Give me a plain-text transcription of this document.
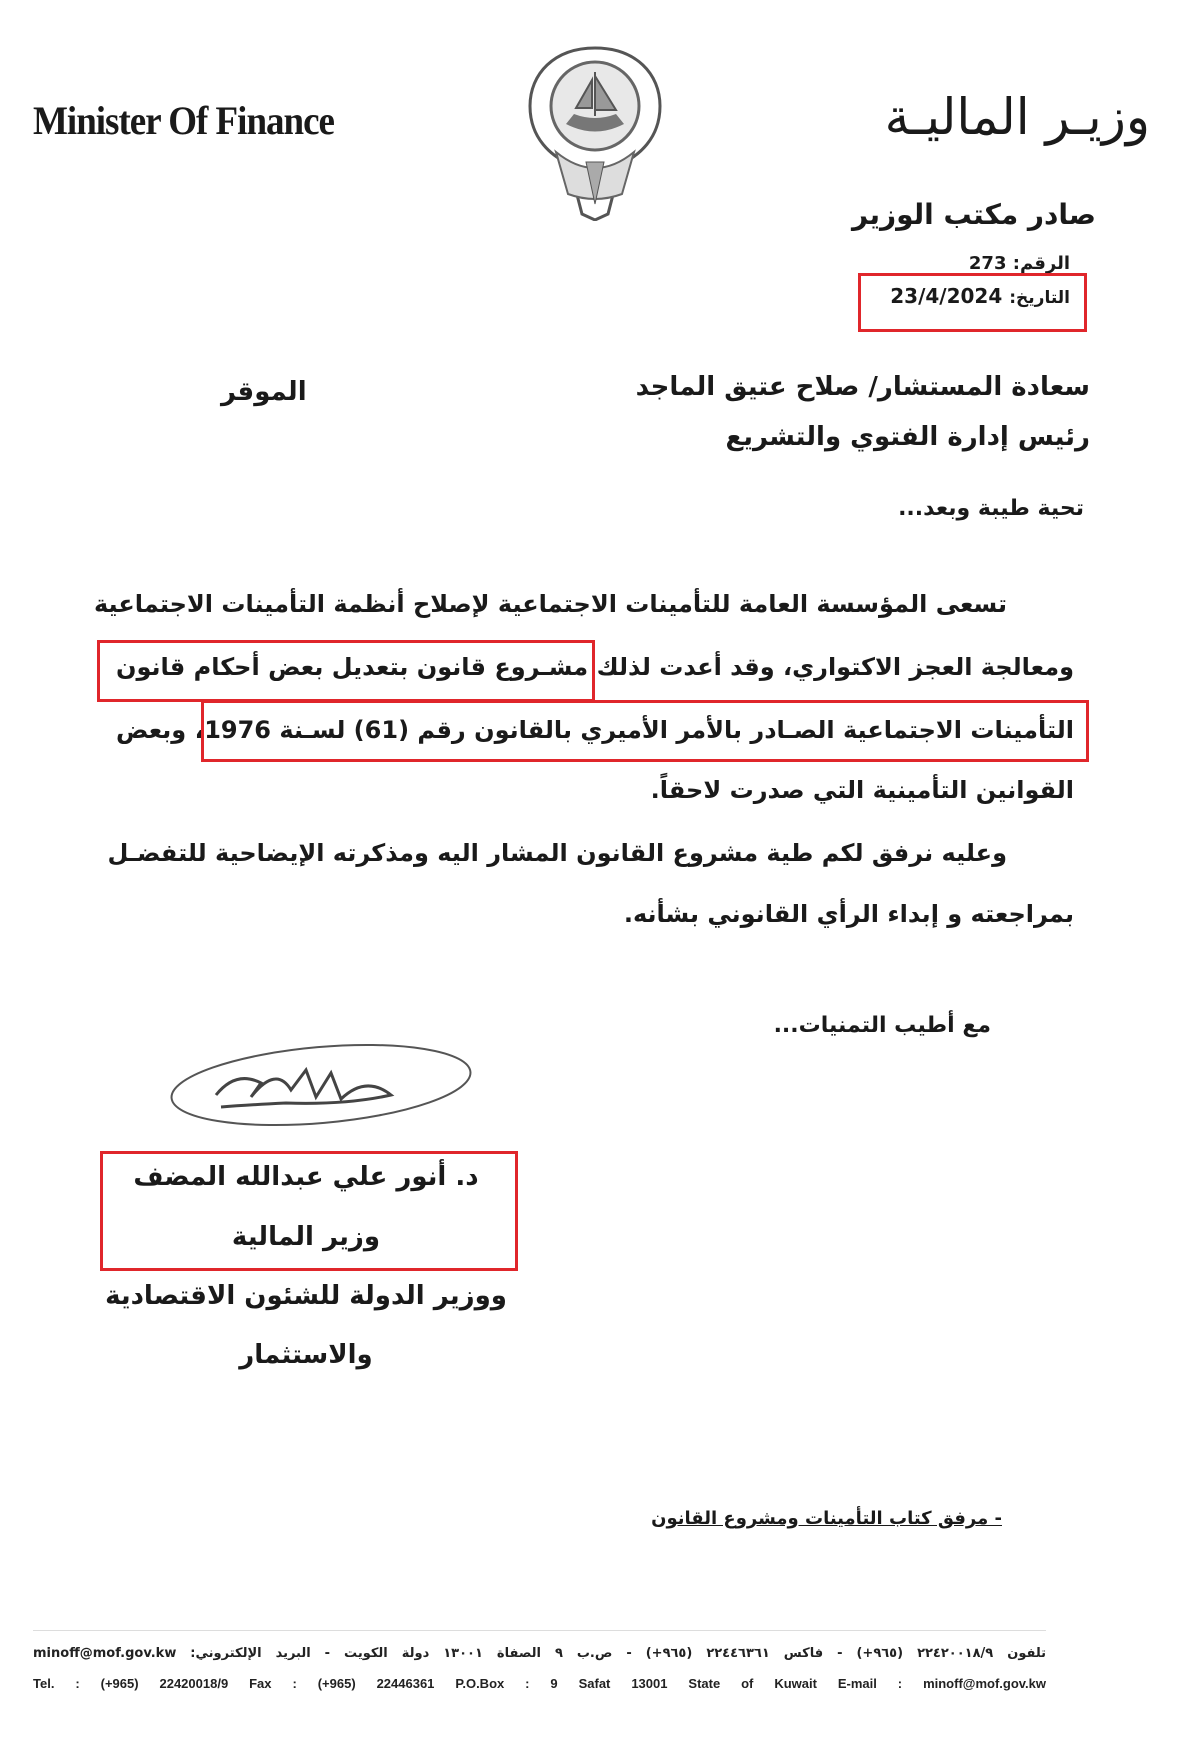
Minister Of Finance	وزيـر الماليـة
صادر مكتب الوزير
الرقم: 273
التاريخ: 23/4/2024
سعادة المستشار/ صلاح عتيق الماجد
الموقر
رئيس إدارة الفتوي والتشريع
تحية طيبة وبعد...
تسعى المؤسسة العامة للتأمينات الاجتماعية لإصلاح أنظمة التأمينات الاجتماعية
ومعالجة العجز الاكتواري، وقد أعدت لذلك
مشـروع قانون بتعديل بعض أحكام قانون
التأمينات الاجتماعية الصـادر بالأمر الأميري بالقانون رقم (61) لسـنة 1976
، وبعض
القوانين التأمينية التي صدرت لاحقاً.
وعليه نرفق لكم طية مشروع القانون المشار اليه ومذكرته الإيضاحية للتفضـل
بمراجعته و إبداء الرأي القانوني بشأنه.
مع أطيب التمنيات...
د. أنور علي عبدالله المضف
وزير المالية
ووزير الدولة للشئون الاقتصادية
والاستثمار
- مرفق كتاب التأمينات ومشروع القانون
تلفون ٢٢٤٢٠٠١٨/٩ (٩٦٥+) - فاكس ٢٢٤٤٦٣٦١ (٩٦٥+) - ص.ب ٩ الصفاة ١٣٠٠١ دولة الكويت - البريد الإلكتروني: minoff@mof.gov.kw
Tel. : (+965) 22420018/9 Fax : (+965) 22446361 P.O.Box : 9 Safat 13001 State of Kuwait E-mail : minoff@mof.gov.kw
